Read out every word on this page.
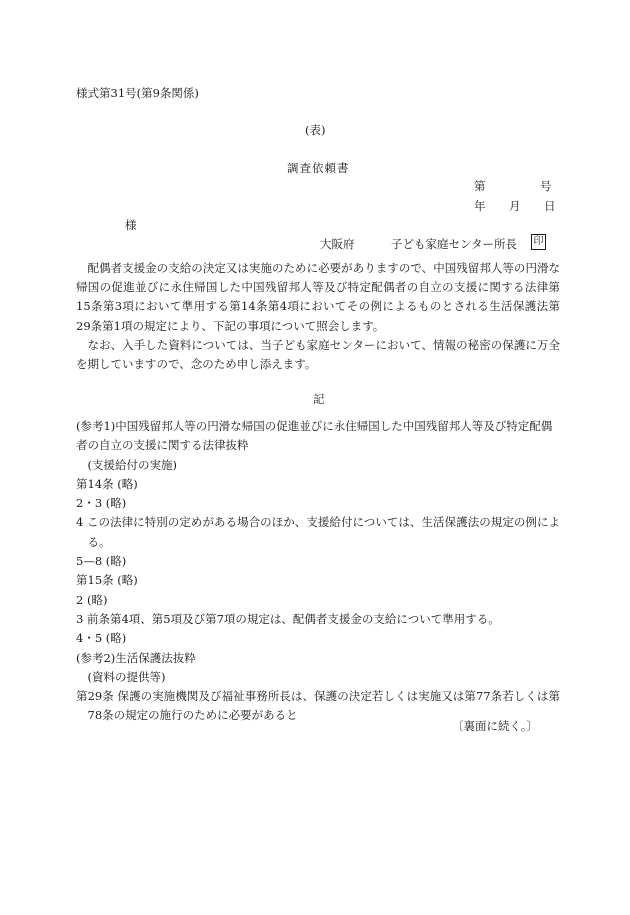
様式第31号(第9条関係)
(表)
調査依頼書
第	号
年 月 日
様
大阪府	子ども家庭センター所長 印

配偶者支援金の支給の決定又は実施のために必要がありますので、中国残留邦人等の円滑な帰国の促進並びに永住帰国した中国残留邦人等及び特定配偶者の自立の支援に関する法律第15条第3項において準用する第14条第4項においてその例によるものとされる生活保護法第29条第1項の規定により、下記の事項について照会します。

なお、入手した資料については、当子ども家庭センターにおいて、情報の秘密の保護に万全を期していますので、念のため申し添えます。

記

(参考1)中国残留邦人等の円滑な帰国の促進並びに永住帰国した中国残留邦人等及び特定配偶者の自立の支援に関する法律抜粋

(支援給付の実施)

第14条 (略)

2・3 (略)

4 この法律に特別の定めがある場合のほか、支援給付については、生活保護法の規定の例による。

5—8 (略)

第15条 (略)

2 (略)

3 前条第4項、第5項及び第7項の規定は、配偶者支援金の支給について準用する。

4・5 (略)

(参考2)生活保護法抜粋

(資料の提供等)

第29条 保護の実施機関及び福祉事務所長は、保護の決定若しくは実施又は第77条若しくは第78条の規定の施行のために必要があると

〔裏面に続く。〕
